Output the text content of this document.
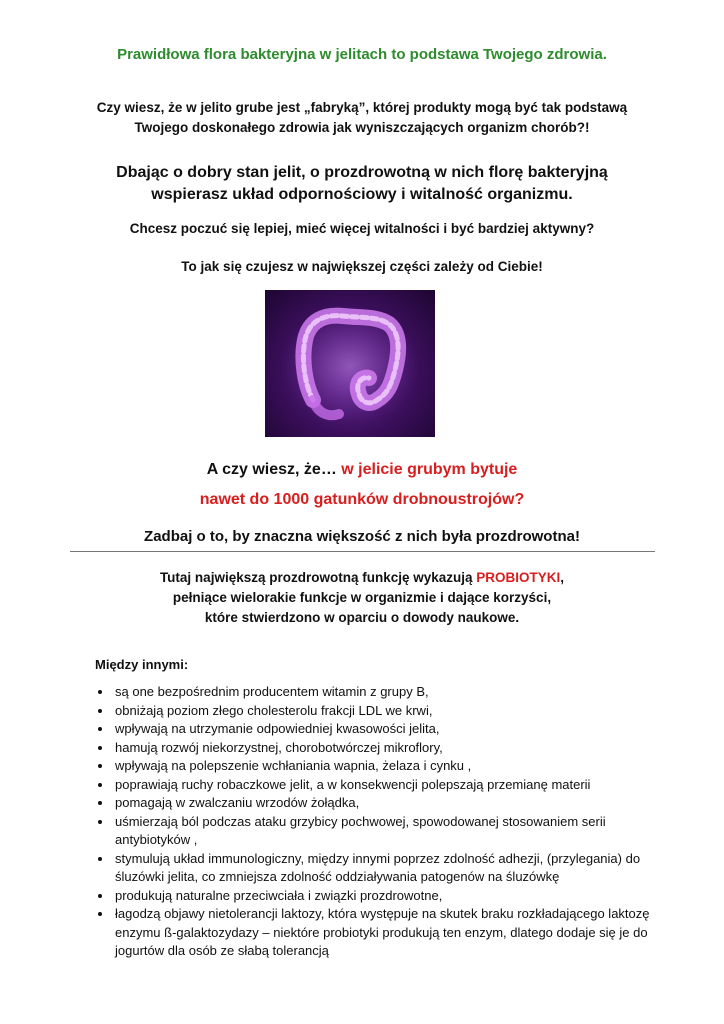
Prawidłowa flora bakteryjna w jelitach to podstawa Twojego zdrowia.
Czy wiesz, że w jelito grube jest „fabryką”, której produkty mogą być tak podstawą
Twojego doskonałego zdrowia jak wyniszczających organizm chorób?!
Dbając o dobry stan jelit, o prozdrowotną w nich florę bakteryjną
wspierasz układ odpornościowy i witalność organizmu.
Chcesz poczuć się lepiej, mieć więcej witalności i być bardziej aktywny?
To jak się czujesz w największej części zależy od Ciebie!
A czy wiesz, że… w jelicie grubym bytuje
nawet do 1000 gatunków drobnoustrojów?
Zadbaj o to, by znaczna większość z nich była prozdrowotna!
Tutaj największą prozdrowotną funkcję wykazują PROBIOTYKI,
pełniące wielorakie funkcje w organizmie i dające korzyści,
które stwierdzono w oparciu o dowody naukowe.
Między innymi:
• są one bezpośrednim producentem witamin z grupy B,
• obniżają poziom złego cholesterolu frakcji LDL we krwi,
• wpływają na utrzymanie odpowiedniej kwasowości jelita,
• hamują rozwój niekorzystnej, chorobotwórczej mikroflory,
• wpływają na polepszenie wchłaniania wapnia, żelaza i cynku ,
• poprawiają ruchy robaczkowe jelit, a w konsekwencji polepszają przemianę materii
• pomagają w zwalczaniu wrzodów żołądka,
• uśmierzają ból podczas ataku grzybicy pochwowej, spowodowanej stosowaniem serii antybiotyków ,
• stymulują układ immunologiczny, między innymi poprzez zdolność adhezji, (przylegania) do śluzówki jelita, co zmniejsza zdolność oddziaływania patogenów na śluzówkę
• produkują naturalne przeciwciała i związki prozdrowotne,
• łagodzą objawy nietolerancji laktozy, która występuje na skutek braku rozkładającego laktozę enzymu ß-galaktozydazy – niektóre probiotyki produkują ten enzym, dlatego dodaje się je do jogurtów dla osób ze słabą tolerancją
